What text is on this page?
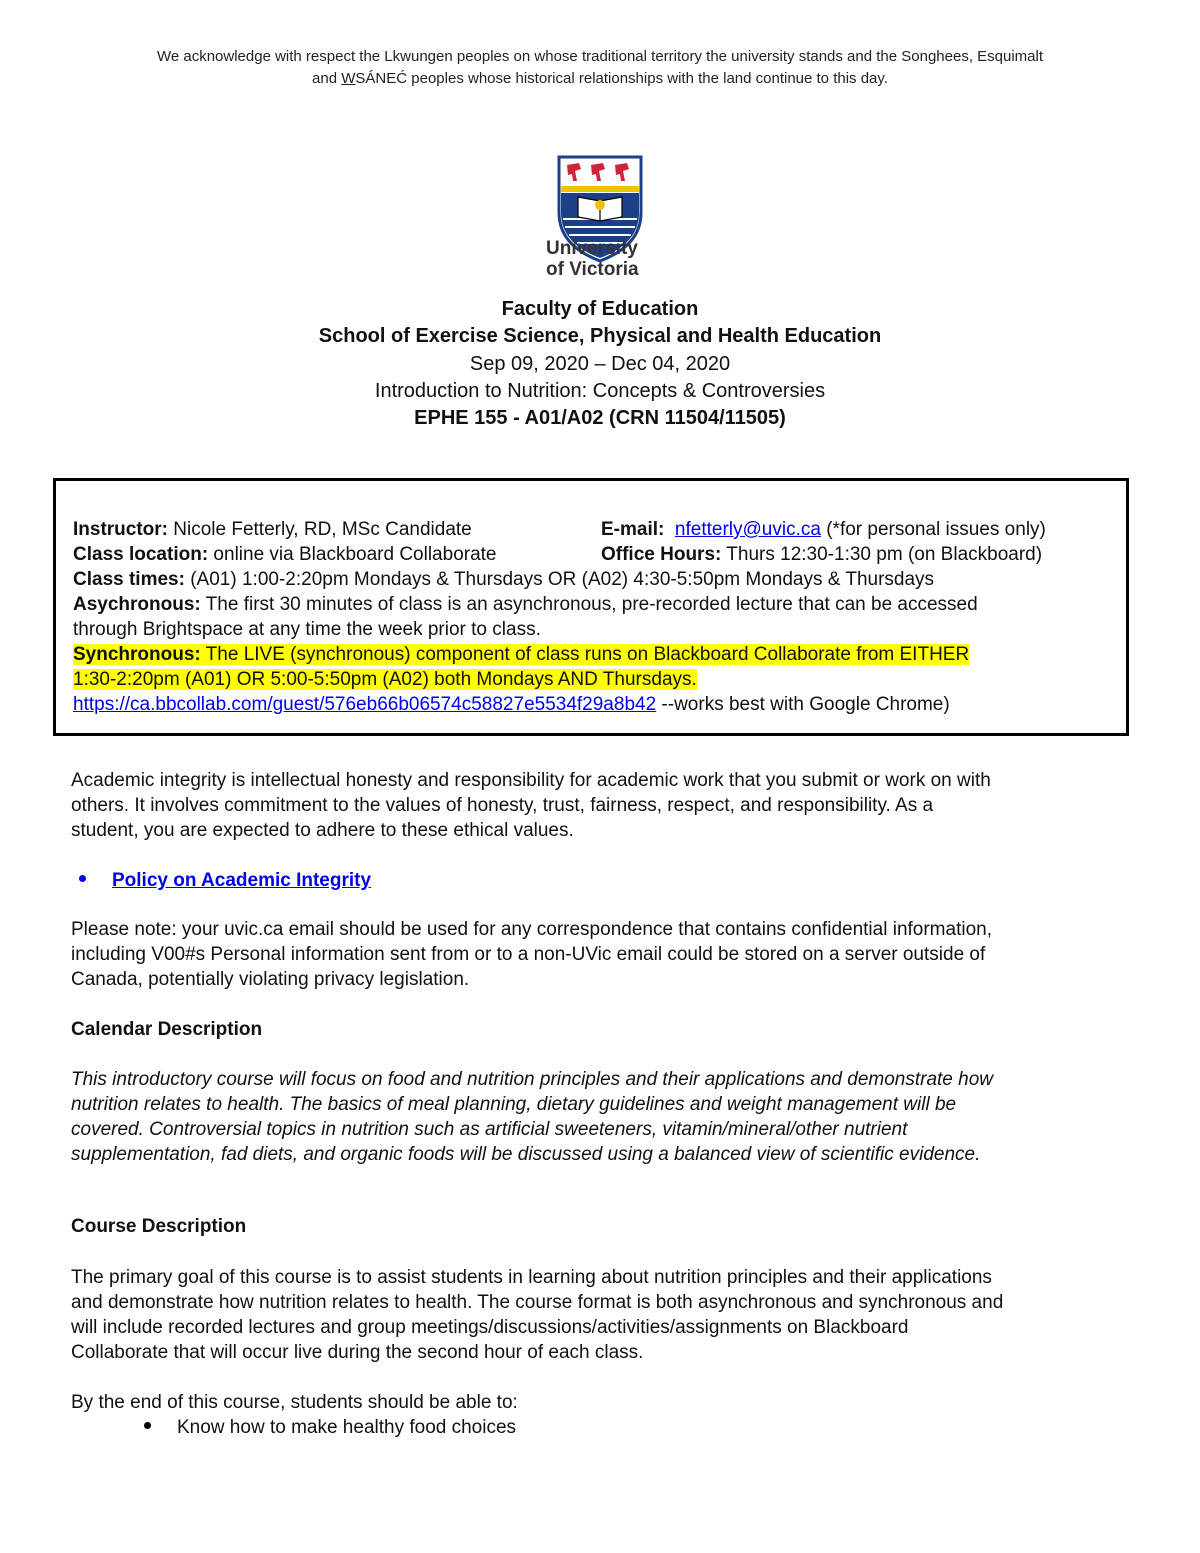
We acknowledge with respect the Lkwungen peoples on whose traditional territory the university stands and the Songhees, Esquimalt
and WSÁNEĆ peoples whose historical relationships with the land continue to this day.
University
of Victoria
Faculty of Education
School of Exercise Science, Physical and Health Education
Sep 09, 2020 – Dec 04, 2020
Introduction to Nutrition: Concepts & Controversies
EPHE 155 - A01/A02 (CRN 11504/11505)
Instructor: Nicole Fetterly, RD, MSc Candidate	E-mail: nfetterly@uvic.ca (*for personal issues only)
Class location: online via Blackboard Collaborate	Office Hours: Thurs 12:30-1:30 pm (on Blackboard)
Class times: (A01) 1:00-2:20pm Mondays & Thursdays OR (A02) 4:30-5:50pm Mondays & Thursdays
Asychronous: The first 30 minutes of class is an asynchronous, pre-recorded lecture that can be accessed
through Brightspace at any time the week prior to class.
Synchronous: The LIVE (synchronous) component of class runs on Blackboard Collaborate from EITHER
1:30-2:20pm (A01) OR 5:00-5:50pm (A02) both Mondays AND Thursdays.
https://ca.bbcollab.com/guest/576eb66b06574c58827e5534f29a8b42 --works best with Google Chrome)
Academic integrity is intellectual honesty and responsibility for academic work that you submit or work on with
others. It involves commitment to the values of honesty, trust, fairness, respect, and responsibility. As a
student, you are expected to adhere to these ethical values.
Policy on Academic Integrity
Please note: your uvic.ca email should be used for any correspondence that contains confidential information,
including V00#s Personal information sent from or to a non-UVic email could be stored on a server outside of
Canada, potentially violating privacy legislation.
Calendar Description
This introductory course will focus on food and nutrition principles and their applications and demonstrate how
nutrition relates to health. The basics of meal planning, dietary guidelines and weight management will be
covered. Controversial topics in nutrition such as artificial sweeteners, vitamin/mineral/other nutrient
supplementation, fad diets, and organic foods will be discussed using a balanced view of scientific evidence.
Course Description
The primary goal of this course is to assist students in learning about nutrition principles and their applications
and demonstrate how nutrition relates to health. The course format is both asynchronous and synchronous and
will include recorded lectures and group meetings/discussions/activities/assignments on Blackboard
Collaborate that will occur live during the second hour of each class.
By the end of this course, students should be able to:
Know how to make healthy food choices
